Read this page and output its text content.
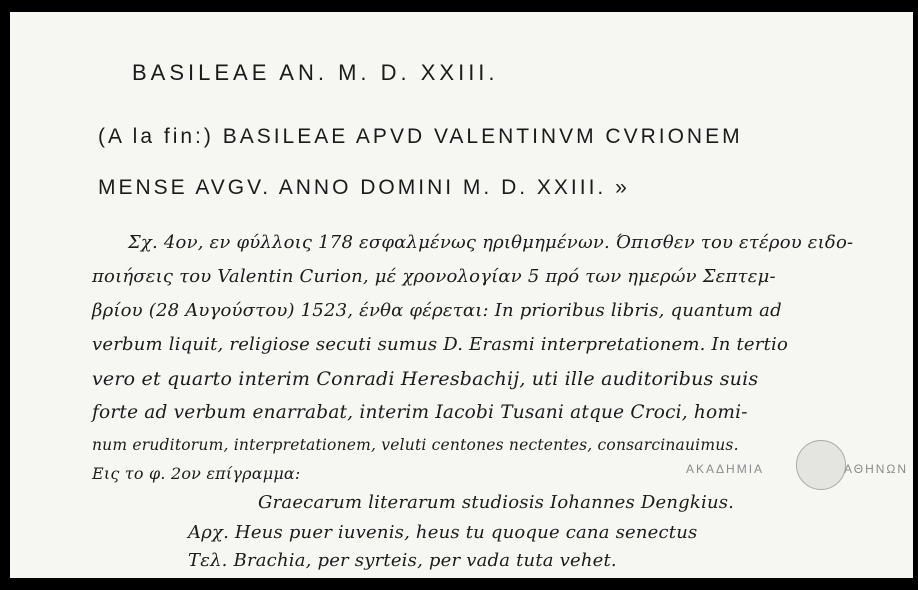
BASILEAE AN. M. D. XXIII.
(A la fin:) BASILEAE APVD VALENTINVM CVRIONEM
MENSE AVGV. ANNO DOMINI M. D. XXIII. »
Σχ. 4ον, εν φύλλοις 178 εσφαλμένως ηριθμημένων. Όπισθεν του ετέρου ειδο-
ποιήσεις του Valentin Curion, μέ χρονολογίαν 5 πρό των ημερών Σεπτεμ-
βρίου (28 Αυγούστου) 1523, ένθα φέρεται: In prioribus libris, quantum ad
verbum liquit, religiose secuti sumus D. Erasmi interpretationem. In tertio
vero et quarto interim Conradi Heresbachij, uti ille auditoribus suis
forte ad verbum enarrabat, interim Iacobi Tusani atque Croci, homi-
num eruditorum, interpretationem, veluti centones nectentes, consarcinauimus.
Εις το φ. 2ον επίγραμμα:
Graecarum literarum studiosis Iohannes Dengkius.
Αρχ. Heus puer iuvenis, heus tu quoque cana senectus
Τελ. Brachia, per syrteis, per vada tuta vehet.
ΑΚΑΔΗΜΙΑ	ΑΘΗΝΩΝ
